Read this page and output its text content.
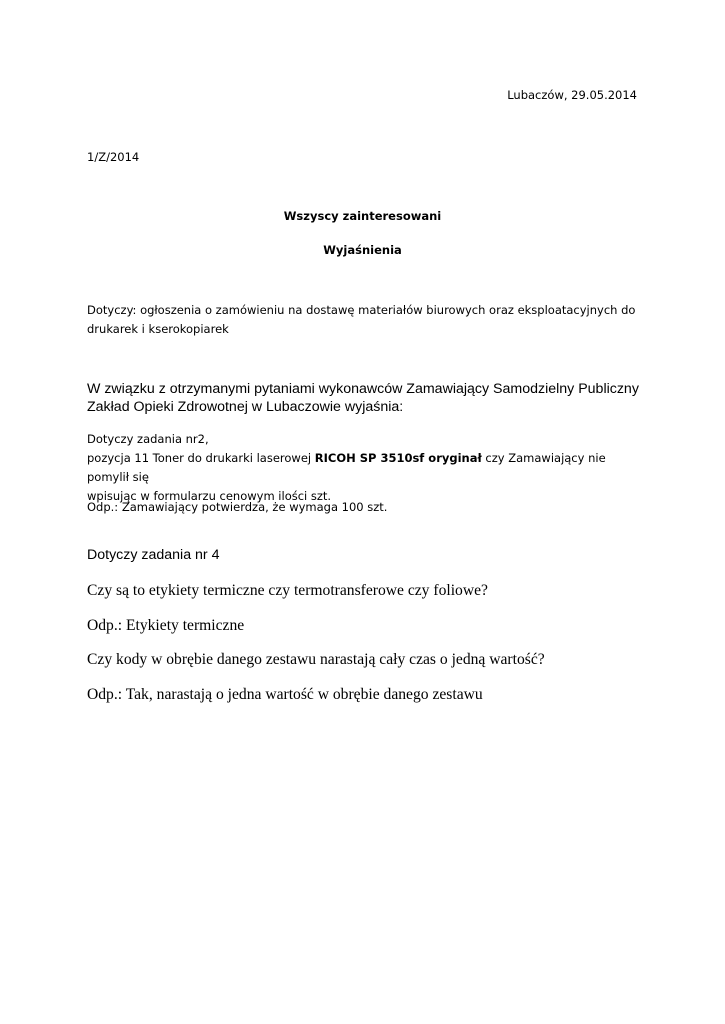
Lubaczów, 29.05.2014

1/Z/2014

Wszyscy zainteresowani

Wyjaśnienia

Dotyczy: ogłoszenia o zamówieniu na dostawę materiałów biurowych oraz eksploatacyjnych do
drukarek i kserokopiarek
W związku z otrzymanymi pytaniami wykonawców Zamawiający Samodzielny Publiczny
Zakład Opieki Zdrowotnej w Lubaczowie wyjaśnia:
Dotyczy zadania nr2,
pozycja 11 Toner do drukarki laserowej RICOH SP 3510sf oryginał czy Zamawiający nie pomylił się
wpisując w formularzu cenowym ilości szt.

Odp.: Zamawiający potwierdza, że wymaga 100 szt.

Dotyczy zadania nr 4

Czy są to etykiety termiczne czy termotransferowe czy foliowe?

Odp.: Etykiety termiczne

Czy kody w obrębie danego zestawu narastają cały czas o jedną wartość?

Odp.: Tak, narastają o jedna wartość w obrębie danego zestawu
